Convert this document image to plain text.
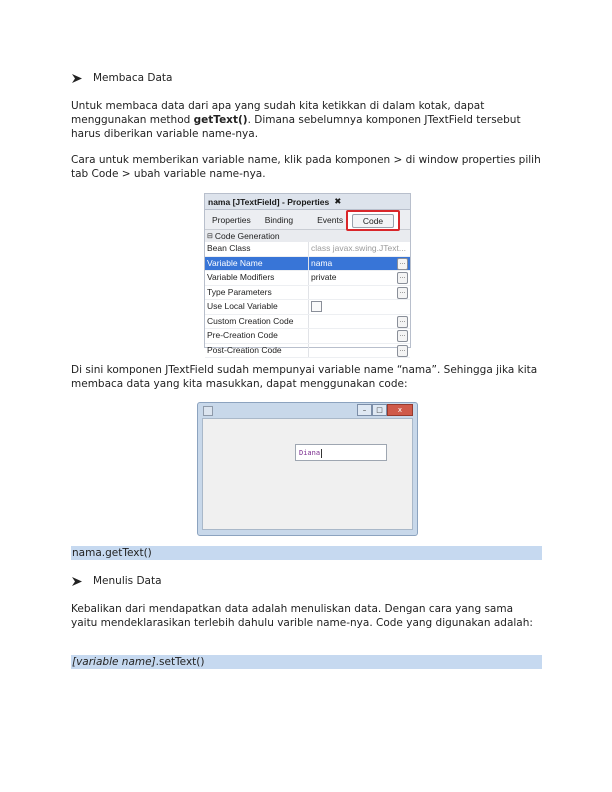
Membaca Data

Untuk membaca data dari apa yang sudah kita ketikkan di dalam kotak, dapat menggunakan method getText(). Dimana sebelumnya komponen JTextField tersebut harus diberikan variable name-nya.

Cara untuk memberikan variable name, klik pada komponen > di window properties pilih tab Code > ubah variable name-nya.

nama [JTextField] - Properties ✖
Properties	Binding	Events	Code
⊟ Code Generation
Bean Class	class javax.swing.JText...
Variable Name	nama	…
Variable Modifiers	private	…
Type Parameters	…
Use Local Variable
Custom Creation Code	…
Pre-Creation Code	…
Post-Creation Code	…

Di sini komponen JTextField sudah mempunyai variable name “nama”. Sehingga jika kita membaca data yang kita masukkan, dapat menggunakan code:

–	□	x
Diana
nama.getText()
Menulis Data

Kebalikan dari mendapatkan data adalah menuliskan data. Dengan cara yang sama yaitu mendeklarasikan terlebih dahulu varible name-nya. Code yang digunakan adalah:

[variable name].setText()
